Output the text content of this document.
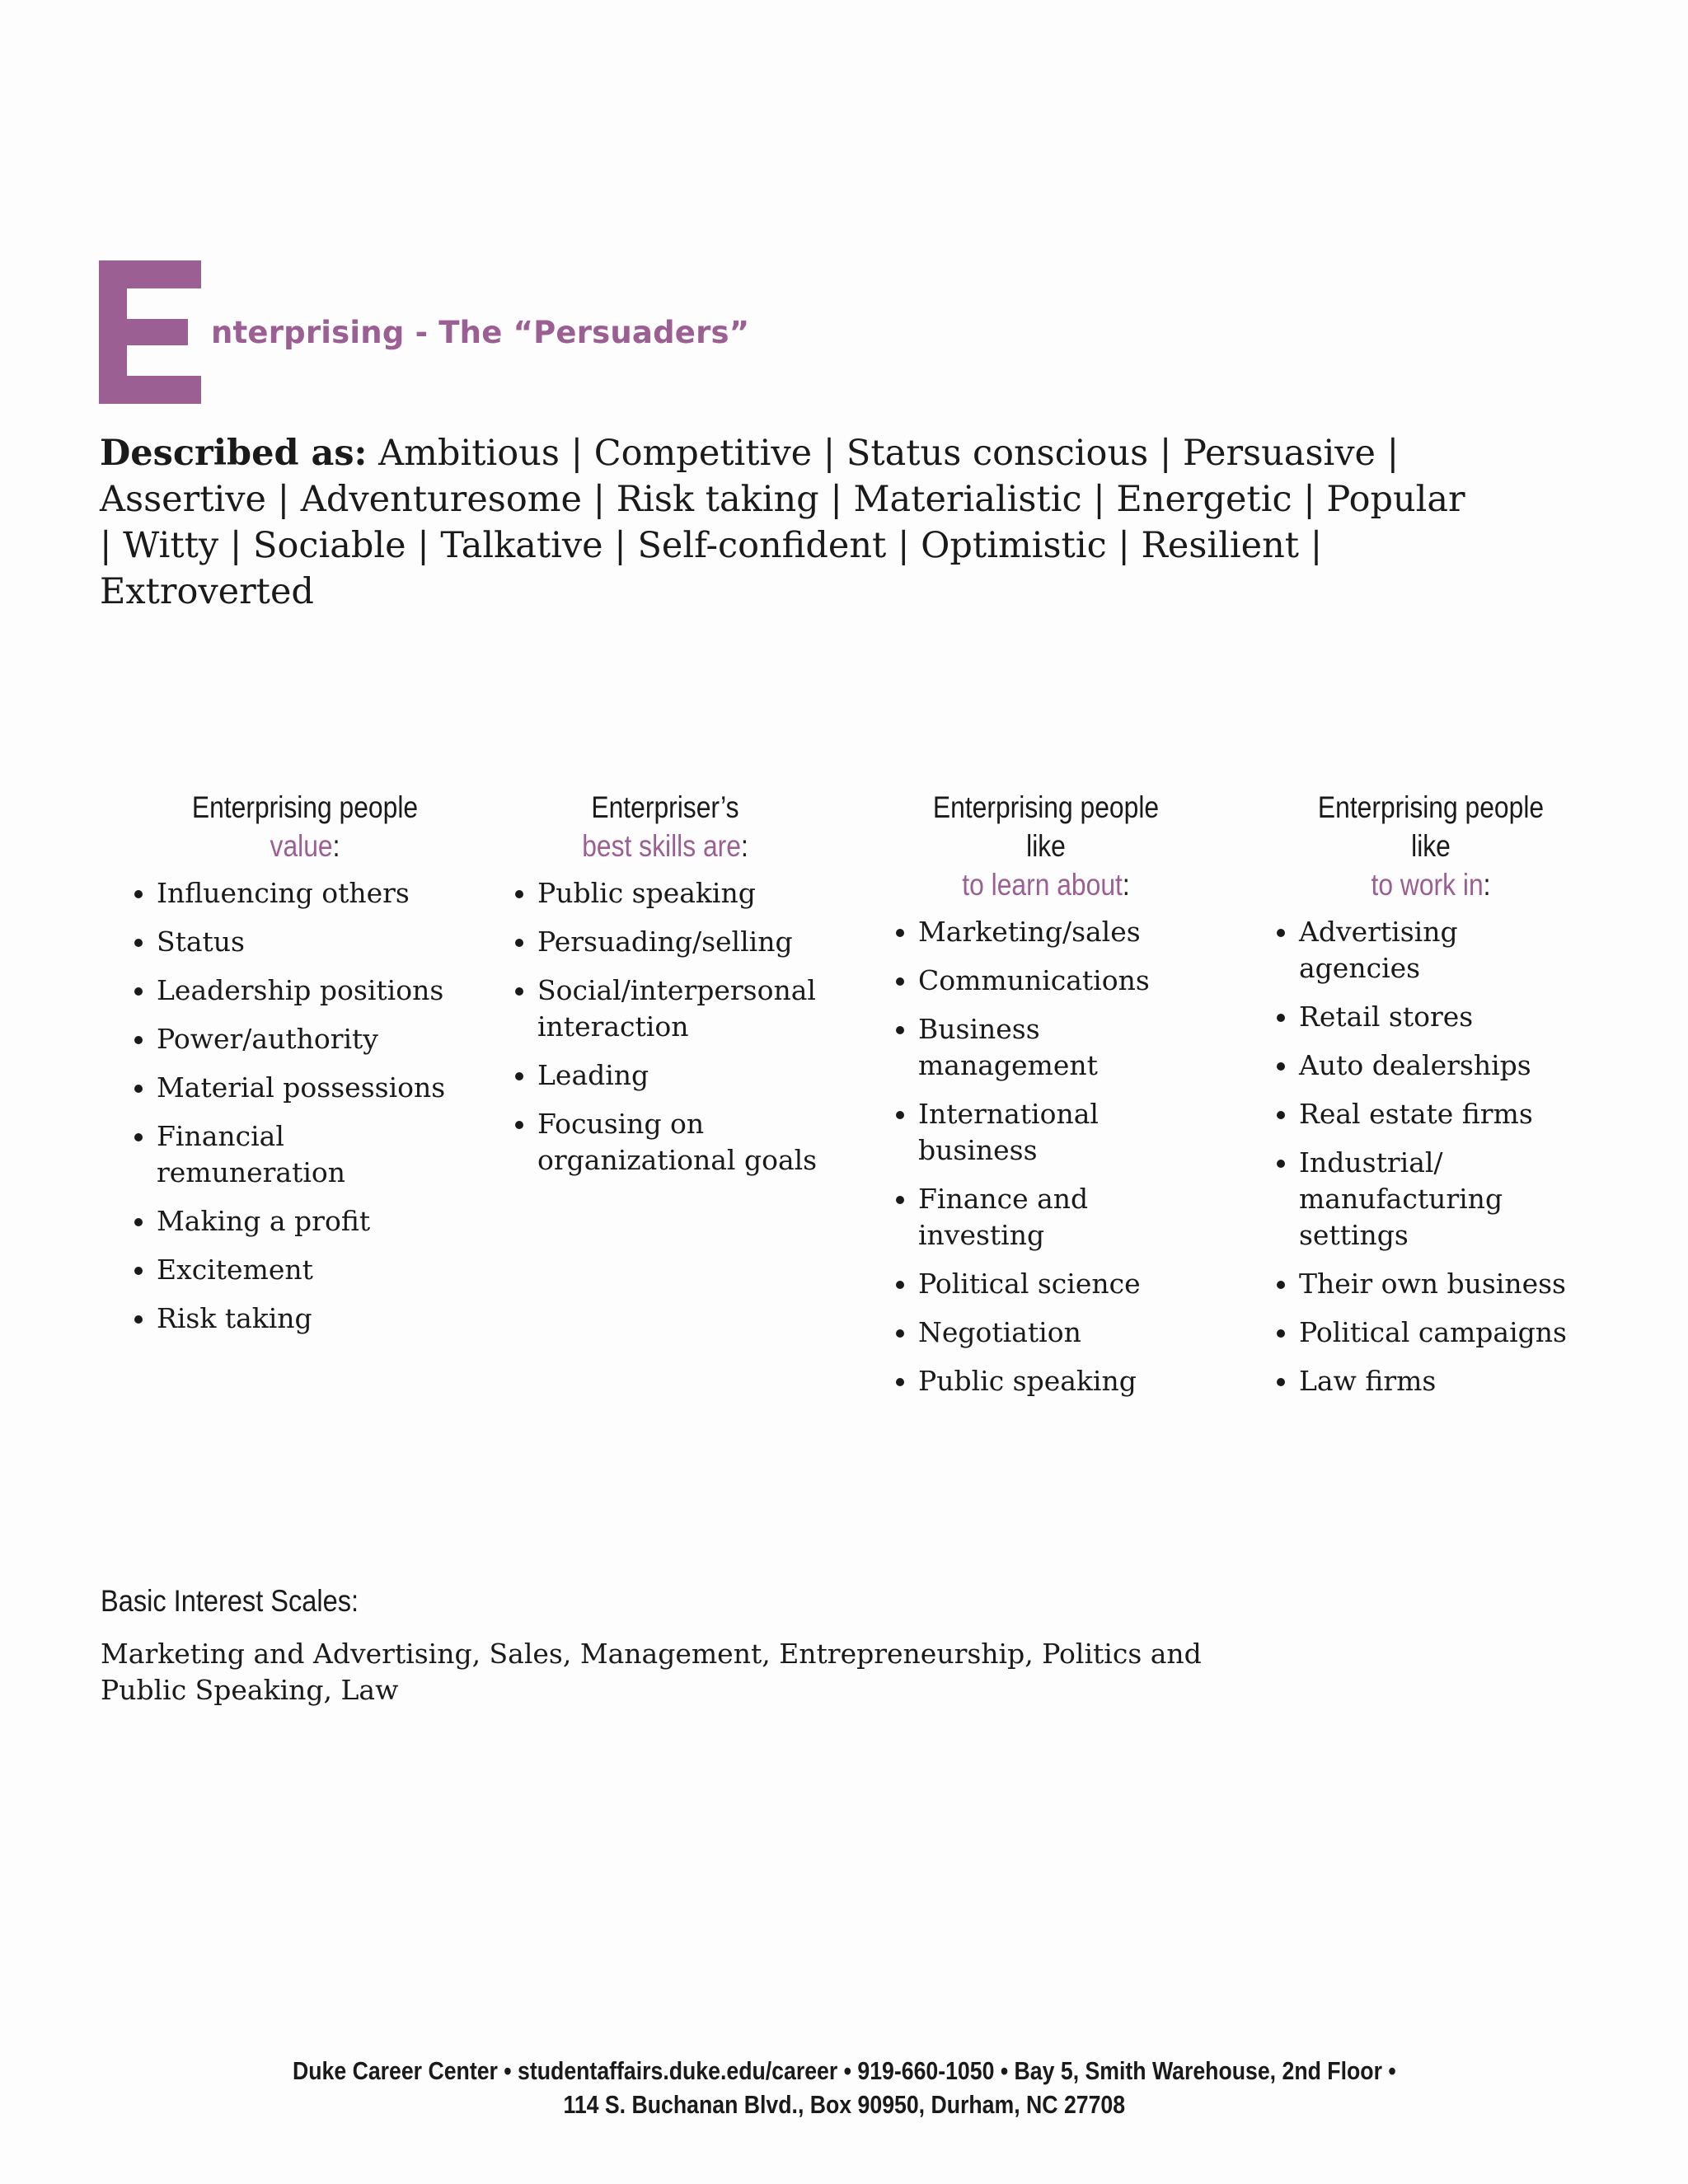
nterprising - The “Persuaders”
Described as: Ambitious | Competitive | Status conscious | Persuasive | Assertive | Adventuresome | Risk taking | Materialistic | Energetic | Popular | Witty | Sociable | Talkative | Self-confident | Optimistic | Resilient | Extroverted
Enterprising people
value:
Influencing others
Status
Leadership positions
Power/authority
Material possessions
Financial remuneration
Making a profit
Excitement
Risk taking
Enterpriser’s
best skills are:
Public speaking
Persuading/selling
Social/interpersonal interaction
Leading
Focusing on organizational goals
Enterprising people like
to learn about:
Marketing/sales
Communications
Business management
International business
Finance and investing
Political science
Negotiation
Public speaking
Enterprising people like
to work in:
Advertising agencies
Retail stores
Auto dealerships
Real estate firms
Industrial/ manufacturing settings
Their own business
Political campaigns
Law firms
Basic Interest Scales:
Marketing and Advertising, Sales, Management, Entrepreneurship, Politics and Public Speaking, Law
Duke Career Center • studentaffairs.duke.edu/career • 919-660-1050 • Bay 5, Smith Warehouse, 2nd Floor •
114 S. Buchanan Blvd., Box 90950, Durham, NC 27708
